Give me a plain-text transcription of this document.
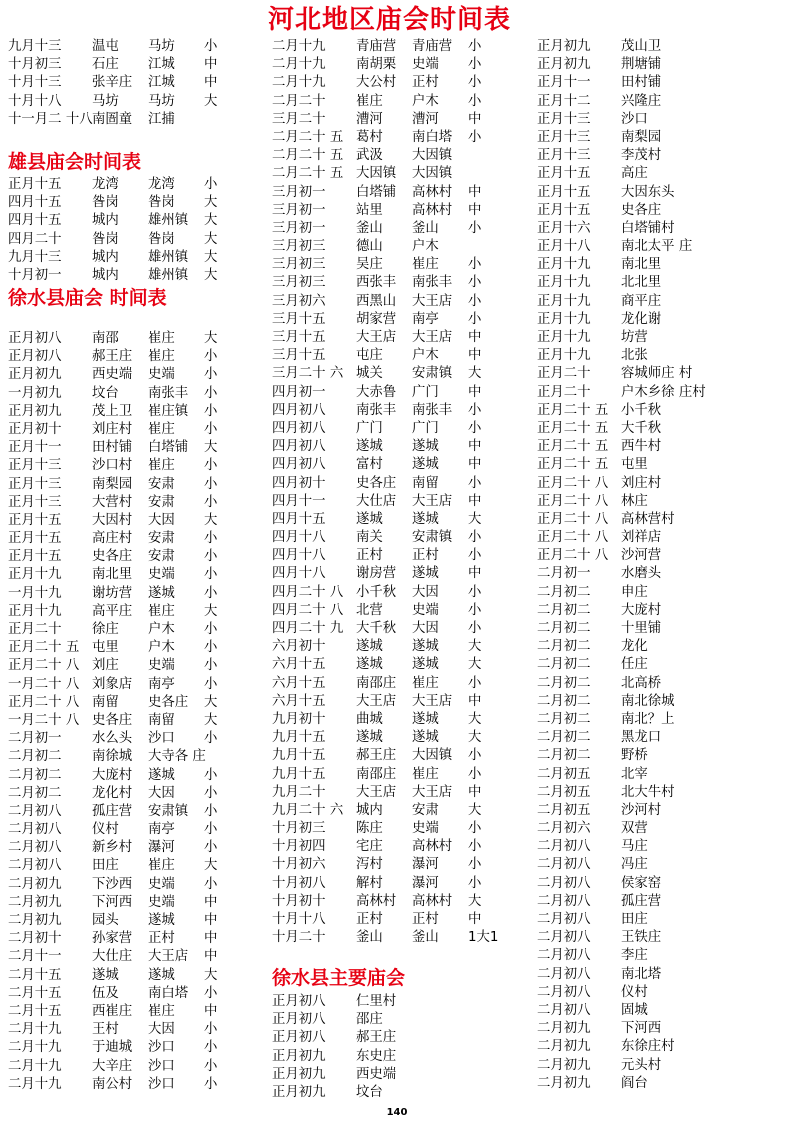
河北地区庙会时间表
九月十三 温屯 马坊 小
十月初三 石庄 江城 中
十月十三 张辛庄 江城 中
十月十八 马坊 马坊 大
十一月二 十八 南圄童 江捕
雄县庙会时间表
正月十五 龙湾 龙湾 小
四月十五 昝岗 昝岗 大
四月十五 城内 雄州镇 大
四月二十 昝岗 昝岗 大
九月十三 城内 雄州镇 大
十月初一 城内 雄州镇 大
徐水县庙会 时间表
正月初八 南邵 崔庄 大
正月初八 郝王庄 崔庄 小
正月初九 西史端 史端 小
一月初九 坟台 南张丰 小
正月初九 茂上卫 崔庄镇 小
正月初十 刘庄村 崔庄 小
正月十一 田村铺 白塔铺 大
正月十三 沙口村 崔庄 小
正月十三 南梨园 安肃 小
正月十三 大营村 安肃 小
正月十五 大因村 大因 大
正月十五 高庄村 安肃 小
正月十五 史各庄 安肃 小
正月十九 南北里 史端 小
一月十九 谢坊营 遂城 小
正月十九 高平庄 崔庄 大
正月二十 徐庄 户木 小
正月二十 五 屯里 户木 小
正月二十 八 刘庄 史端 小
一月二十 八 刘象店 南亭 小
正月二十 八 南留 史各庄 大
一月二十 八 史各庄 南留 大
二月初一 水么头 沙口 小
二月初二 南徐城 大寺各 庄
二月初二 大庞村 遂城 小
二月初二 龙化村 大因 小
二月初八 孤庄营 安肃镇 小
二月初八 仪村 南亭 小
二月初八 新乡村 瀑河 小
二月初八 田庄 崔庄 大
二月初九 下沙西 史端 小
二月初九 下河西 史端 中
二月初九 园头 遂城 中
二月初十 孙家营 正村 中
二月十一 大仕庄 大王店 中
二月十五 遂城 遂城 大
二月十五 伍及 南白塔 小
二月十五 西崔庄 崔庄 中
二月十九 王村 大因 小
二月十九 于迪城 沙口 小
二月十九 大辛庄 沙口 小
二月十九 南公村 沙口 小
二月十九 青庙营 青庙营 小
二月十九 南胡栗 史端 小
二月十九 大公村 正村 小
二月二十 崔庄 户木 小
三月二十 漕河 漕河 中
二月二十 五 葛村 南白塔 小
二月二十 五 武汲 大因镇
二月二十 五 大因镇 大因镇
三月初一 白塔铺 高林村 中
三月初一 站里 高林村 中
三月初一 釜山 釜山 小
三月初三 德山 户木
三月初三 吴庄 崔庄 小
三月初三 西张丰 南张丰 小
三月初六 西黑山 大王店 小
三月十五 胡家营 南亭 小
三月十五 大王店 大王店 中
三月十五 屯庄 户木 中
三月二十 六 城关 安肃镇 大
四月初一 大赤鲁 广门 中
四月初八 南张丰 南张丰 小
四月初八 广门 广门 小
四月初八 遂城 遂城 中
四月初八 富村 遂城 中
四月初十 史各庄 南留 小
四月十一 大仕店 大王店 中
四月十五 遂城 遂城 大
四月十八 南关 安肃镇 小
四月十八 正村 正村 小
四月十八 谢房营 遂城 中
四月二十 八 小千秋 大因 小
四月二十 八 北营 史端 小
四月二十 九 大千秋 大因 小
六月初十 遂城 遂城 大
六月十五 遂城 遂城 大
六月十五 南邵庄 崔庄 小
六月十五 大王店 大王店 中
九月初十 曲城 遂城 大
九月十五 遂城 遂城 大
九月十五 郝王庄 大因镇 小
九月十五 南邵庄 崔庄 小
九月二十 大王店 大王店 中
九月二十 六 城内 安肃 大
十月初三 陈庄 史端 小
十月初四 宅庄 高林村 小
十月初六 泻村 瀑河 小
十月初八 解村 瀑河 小
十月初十 高林村 高林村 大
十月十八 正村 正村 中
十月二十 釜山 釜山 1大1
徐水县主要庙会
正月初八 仁里村
正月初八 邵庄
正月初八 郝王庄
正月初九 东史庄
正月初九 西史端
正月初九 坟台
正月初九 茂山卫
正月初九 荆塘铺
正月十一 田村铺
正月十二 兴隆庄
正月十三 沙口
正月十三 南梨园
正月十三 李茂村
正月十五 高庄
正月十五 大因东头
正月十五 史各庄
正月十六 白塔铺村
正月十八 南北太平 庄
正月十九 南北里
正月十九 北北里
正月十九 商平庄
正月十九 龙化谢
正月十九 坊营
正月十九 北张
正月二十 容城师庄 村
正月二十 户木乡徐 庄村
正月二十 五 小千秋
正月二十 五 大千秋
正月二十 五 西牛村
正月二十 五 屯里
正月二十 八 刘庄村
正月二十 八 林庄
正月二十 八 高林营村
正月二十 八 刘祥店
正月二十 八 沙河营
二月初一 水磨头
二月初二 申庄
二月初二 大庞村
二月初二 十里铺
二月初二 龙化
二月初二 任庄
二月初二 北高桥
二月初二 南北徐城
二月初二 南北？上
二月初二 黑龙口
二月初二 野桥
二月初五 北宰
二月初五 北大牛村
二月初五 沙河村
二月初六 双营
二月初八 马庄
二月初八 冯庄
二月初八 侯家窑
二月初八 孤庄营
二月初八 田庄
二月初八 王铁庄
二月初八 李庄
二月初八 南北塔
二月初八 仪村
二月初八 固城
二月初九 下河西
二月初九 东徐庄村
二月初九 元头村
二月初九 阎台
140
